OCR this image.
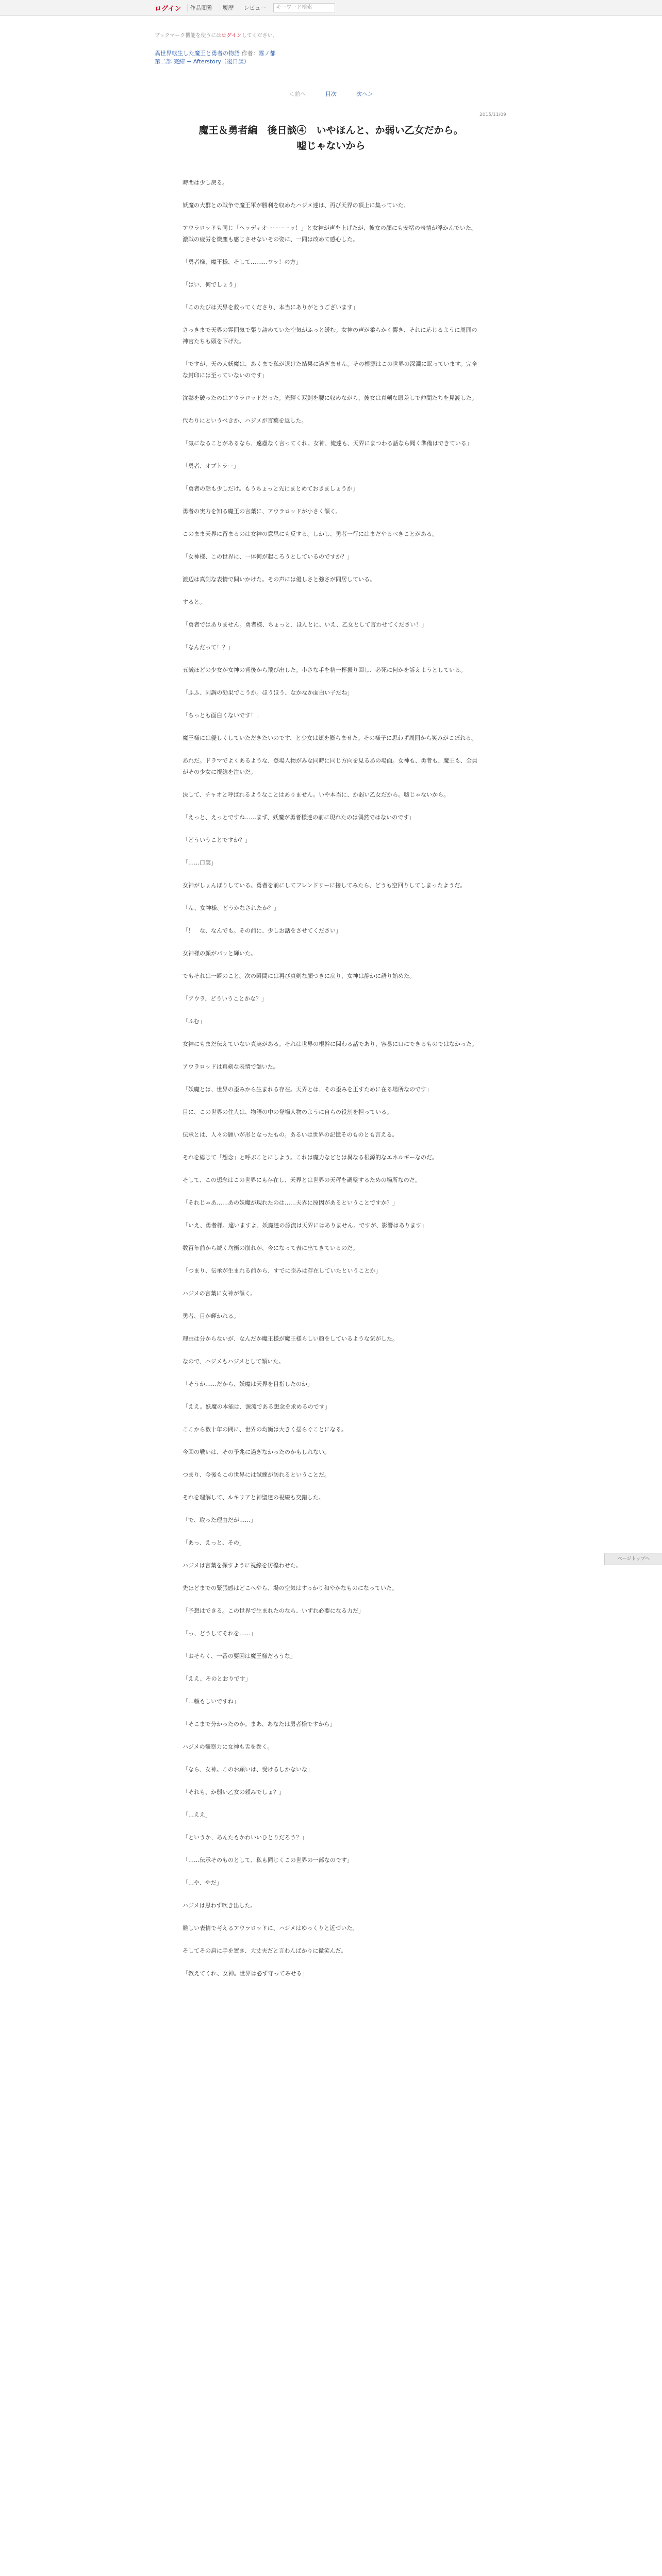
ログイン	作品閲覧	履歴	レビュー	キーワード検索
ブックマーク機能を使うにはログインしてください。
異世界転生した魔王と勇者の物語 作者：霧ノ都
第二部 完結 − Afterstory（後日談）
＜前へ	目次	次へ＞
2015/11/09
魔王＆勇者編　後日談④　いやほんと、か弱い乙女だから。
嘘じゃないから

時間は少し戻る。

妖魔の大群との戦争で魔王軍が勝利を収めたハジメ達は、再び天界の頂上に集っていた。

アウラロッドも同じ「ヘッディオーーーーッ！」と女神が声を上げたが、彼女の顔にも安堵の表情が浮かんでいた。激戦の疲労を微塵も感じさせないその姿に、一同は改めて感心した。

「勇者様、魔王様、そして………ワッ！の方」

「はい、何でしょう」

「このたびは天界を救ってくださり、本当にありがとうございます」

さっきまで天界の雰囲気で張り詰めていた空気がふっと緩む。女神の声が柔らかく響き、それに応じるように周囲の神官たちも頭を下げた。

「ですが、天の大妖魔は、あくまで私が退けた結果に過ぎません。その根源はこの世界の深淵に眠っています。完全な封印には至っていないのです」

沈黙を破ったのはアウラロッドだった。光輝く双剣を腰に収めながら、彼女は真剣な眼差しで仲間たちを見渡した。

代わりにというべきか、ハジメが言葉を返した。

「気になることがあるなら、遠慮なく言ってくれ。女神、俺達も、天界にまつわる話なら聞く準備はできている」

「勇者、オプトラー」

「勇者の話も少しだけ。もうちょっと先にまとめておきましょうか」

勇者の実力を知る魔王の言葉に、アウラロッドが小さく頷く。

このまま天界に留まるのは女神の意思にも反する。しかし、勇者一行にはまだやるべきことがある。

「女神様、この世界に、一体何が起ころうとしているのですか？」

渡辺は真剣な表情で問いかけた。その声には優しさと強さが同居している。

すると。

「勇者ではありません。勇者様、ちょっと、ほんとに、いえ、乙女として言わせてください！」

「なんだって！？」

五歳ほどの少女が女神の背後から飛び出した。小さな手を精一杯振り回し、必死に何かを訴えようとしている。

「ふふ、同調の効果でこうか。ほうほう、なかなか面白い子だね」

「ちっとも面白くないです！」

魔王様には優しくしていただきたいのです、と少女は頬を膨らませた。その様子に思わず周囲から笑みがこぼれる。

あれだ。ドラマでよくあるような、登場人物がみな同時に同じ方向を見るあの場面。女神も、勇者も、魔王も、全員がその少女に視線を注いだ。

決して、チャオと呼ばれるようなことはありません。いや本当に、か弱い乙女だから。嘘じゃないから。

「えっと、えっとですね……まず、妖魔が勇者様達の前に現れたのは偶然ではないのです」

「どういうことですか？」

「……口実」

女神がしょんぼりしている。勇者を前にしてフレンドリーに接してみたら、どうも空回りしてしまったようだ。

「ん、女神様、どうかなされたか？」

「！　な、なんでも。その前に、少しお話をさせてください」

女神様の顔がパッと輝いた。

でもそれは一瞬のこと。次の瞬間には再び真剣な顔つきに戻り、女神は静かに語り始めた。

「アウラ、どういうことかな？」

「ふむ」

女神にもまだ伝えていない真実がある。それは世界の根幹に関わる話であり、容易に口にできるものではなかった。

アウラロッドは真剣な表情で頷いた。

「妖魔とは、世界の歪みから生まれる存在。天界とは、その歪みを正すために在る場所なのです」

目に、この世界の住人は、物語の中の登場人物のように自らの役割を担っている。

伝承とは、人々の願いが形となったもの。あるいは世界の記憶そのものとも言える。

それを総じて「想念」と呼ぶことにしよう。これは魔力などとは異なる根源的なエネルギーなのだ。

そして、この想念はこの世界にも存在し、天界とは世界の天秤を調整するための場所なのだ。

「それじゃあ……あの妖魔が現れたのは……天界に原因があるということですか？」

「いえ、勇者様。違いますよ、妖魔達の源流は天界にはありません。ですが、影響はあります」

数百年前から続く均衡の崩れが、今になって表に出てきているのだ。

「つまり、伝承が生まれる前から、すでに歪みは存在していたということか」

ハジメの言葉に女神が頷く。

勇者、目が輝かれる。

理由は分からないが、なんだか魔王様が魔王様らしい顔をしているような気がした。

なので、ハジメもハジメとして頷いた。

「そうか……だから、妖魔は天界を目指したのか」

「ええ。妖魔の本能は、源流である想念を求めるのです」

ここから数十年の間に、世界の均衡は大きく揺らぐことになる。

今回の戦いは、その予兆に過ぎなかったのかもしれない。

つまり、今後もこの世界には試練が訪れるということだ。

それを理解して、ルキリアと神聖達の視線も交錯した。

「で、取った理由だが……」

「あっ、えっと、その」

ハジメは言葉を探すように視線を彷徨わせた。

先ほどまでの緊張感はどこへやら、場の空気はすっかり和やかなものになっていた。

「予想はできる。この世界で生まれたのなら、いずれ必要になる力だ」

「っ、どうしてそれを……」

「おそらく、一番の要因は魔王様だろうな」

「ええ、そのとおりです」

「…頼もしいですね」

「そこまで分かったのか。まあ、あなたは勇者様ですから」

ハジメの観察力に女神も舌を巻く。

「なら、女神。このお願いは、受けるしかないな」

「それも、か弱い乙女の頼みでしょ？」

「…ええ」

「というか、あんたもかわいいひとりだろう？」

「……伝承そのものとして、私も同じくこの世界の一部なのです」

「…や、やだ」

ハジメは思わず吹き出した。

難しい表情で考えるアウラロッドに、ハジメはゆっくりと近づいた。

そしてその肩に手を置き、大丈夫だと言わんばかりに微笑んだ。

「教えてくれ、女神。世界は必ず守ってみせる」

ページトップへ
